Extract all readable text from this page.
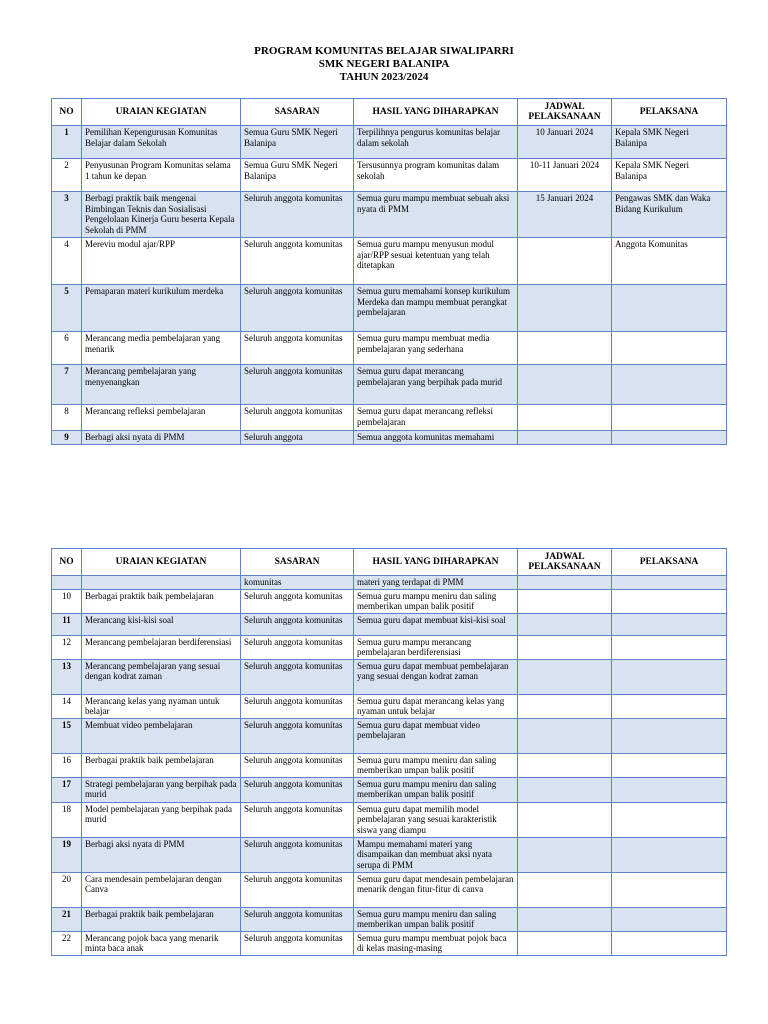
PROGRAM KOMUNITAS BELAJAR SIWALIPARRI
SMK NEGERI BALANIPA
TAHUN 2023/2024
NO	URAIAN KEGIATAN	SASARAN	HASIL YANG DIHARAPKAN	JADWAL PELAKSANAAN	PELAKSANA
1	Pemilihan Kepengurusan Komunitas Belajar dalam Sekolah	Semua Guru SMK Negeri Balanipa	Terpilihnya pengurus komunitas belajar dalam sekolah	10 Januari 2024	Kepala SMK Negeri Balanipa
2	Penyusunan Program Komunitas selama 1 tahun ke depan	Semua Guru SMK Negeri Balanipa	Tersusunnya program komunitas dalam sekolah	10-11 Januari 2024	Kepala SMK Negeri Balanipa
3	Berbagi praktik baik mengenai Bimbingan Teknis dan Sosialisasi Pengelolaan Kinerja Guru beserta Kepala Sekolah di PMM	Seluruh anggota komunitas	Semua guru mampu membuat sebuah aksi nyata di PMM	15 Januari 2024	Pengawas SMK dan Waka Bidang Kurikulum
4	Mereviu modul ajar/RPP	Seluruh anggota komunitas	Semua guru mampu menyusun modul ajar/RPP sesuai ketentuan yang telah ditetapkan		Anggota Komunitas
5	Pemaparan materi kurikulum merdeka	Seluruh anggota komunitas	Semua guru memahami konsep kurikulum Merdeka dan mampu membuat perangkat pembelajaran		
6	Merancang media pembelajaran yang menarik	Seluruh anggota komunitas	Semua guru mampu membuat media pembelajaran yang sederhana		
7	Merancang pembelajaran yang menyenangkan	Seluruh anggota komunitas	Semua guru dapat merancang pembelajaran yang berpihak pada murid		
8	Merancang refleksi pembelajaran	Seluruh anggota komunitas	Semua guru dapat merancang refleksi pembelajaran		
9	Berbagi aksi nyata di PMM	Seluruh anggota	Semua anggota komunitas memahami		
NO	URAIAN KEGIATAN	SASARAN	HASIL YANG DIHARAPKAN	JADWAL PELAKSANAAN	PELAKSANA
		komunitas	materi yang terdapat di PMM		
10	Berbagai praktik baik pembelajaran	Seluruh anggota komunitas	Semua guru mampu meniru dan saling memberikan umpan balik positif		
11	Merancang kisi-kisi soal	Seluruh anggota komunitas	Semua guru dapat membuat kisi-kisi soal		
12	Merancang pembelajaran berdiferensiasi	Seluruh anggota komunitas	Semua guru mampu merancang pembelajaran berdiferensiasi		
13	Merancang pembelajaran yang sesuai dengan kodrat zaman	Seluruh anggota komunitas	Semua guru dapat membuat pembelajaran yang sesuai dengan kodrat zaman		
14	Merancang kelas yang nyaman untuk belajar	Seluruh anggota komunitas	Semua guru dapat merancang kelas yang nyaman untuk belajar		
15	Membuat video pembelajaran	Seluruh anggota komunitas	Semua guru dapat membuat video pembelajaran		
16	Berbagai praktik baik pembelajaran	Seluruh anggota komunitas	Semua guru mampu meniru dan saling memberikan umpan balik positif		
17	Strategi pembelajaran yang berpihak pada murid	Seluruh anggota komunitas	Semua guru mampu meniru dan saling memberikan umpan balik positif		
18	Model pembelajaran yang berpihak pada murid	Seluruh anggota komunitas	Semua guru dapat memilih model pembelajaran yang sesuai karakteristik siswa yang diampu		
19	Berbagi aksi nyata di PMM	Seluruh anggota komunitas	Mampu memahami materi yang disampaikan dan membuat aksi nyata serupa di PMM		
20	Cara mendesain pembelajaran dengan Canva	Seluruh anggota komunitas	Semua guru dapat mendesain pembelajaran menarik dengan fitur-fitur di canva		
21	Berbagai praktik baik pembelajaran	Seluruh anggota komunitas	Semua guru mampu meniru dan saling memberikan umpan balik positif		
22	Merancang pojok baca yang menarik minta baca anak	Seluruh anggota komunitas	Semua guru mampu membuat pojok baca di kelas masing-masing		
